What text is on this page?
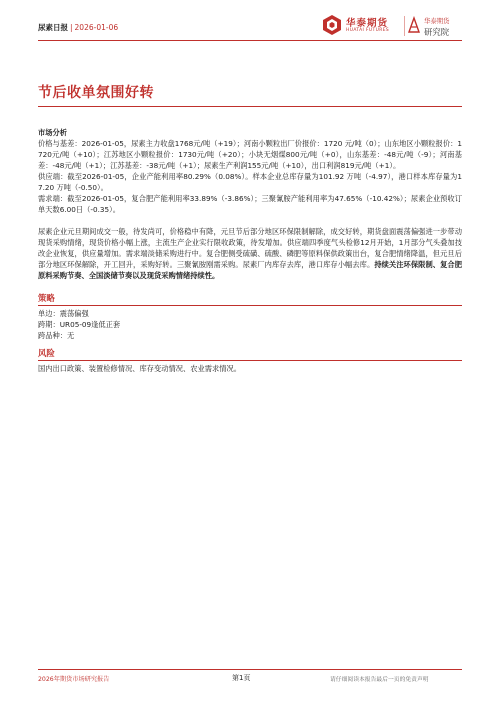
尿素日报 | 2026-01-06	华泰期货
HUATAI FUTURES
华泰期货
研究院
节后收单氛围好转
市场分析

价格与基差：2026-01-05，尿素主力收盘1768元/吨（+19）；河南小颗粒出厂价报价：1720 元/吨（0）；山东地区小颗粒报价：1720元/吨（+10）；江苏地区小颗粒报价：1730元/吨（+20）；小块无烟煤800元/吨（+0），山东基差：-48元/吨（-9）；河南基差：-48元/吨（+1）；江苏基差：-38元/吨（+1）；尿素生产利润155元/吨（+10），出口利润819元/吨（+1）。

供应端：截至2026-01-05，企业产能利用率80.29%（0.08%）。样本企业总库存量为101.92 万吨（-4.97），港口样本库存量为17.20 万吨（-0.50）。

需求端：截至2026-01-05，复合肥产能利用率33.89%（-3.86%）；三聚氰胺产能利用率为47.65%（-10.42%）；尿素企业预收订单天数6.00日（-0.35）。

尿素企业元旦期间成交一般，待发尚可，价格稳中有降，元旦节后部分地区环保限制解除，成交好转，期货盘面震荡偏强进一步带动现货采购情绪，现货价格小幅上涨，主流生产企业实行限收政策，待发增加。供应端四季度气头检修12月开始，1月部分气头叠加技改企业恢复，供应量增加。需求端淡储采购进行中。复合肥侧受硫磺、硫酸、磷肥等原料保供政策出台，复合肥情绪降温，但元旦后部分地区环保解除，开工回升，采购好转。三聚氰胺刚需采购。尿素厂内库存去库，港口库存小幅去库。持续关注环保限制、复合肥原料采购节奏、全国淡储节奏以及现货采购情绪持续性。

策略

单边：震荡偏强

跨期：UR05-09逢低正套

跨品种：无

风险

国内出口政策、装置检修情况、库存变动情况、农业需求情况。

2026年期货市场研究报告	第1页	请仔细阅读本报告最后一页的免责声明
